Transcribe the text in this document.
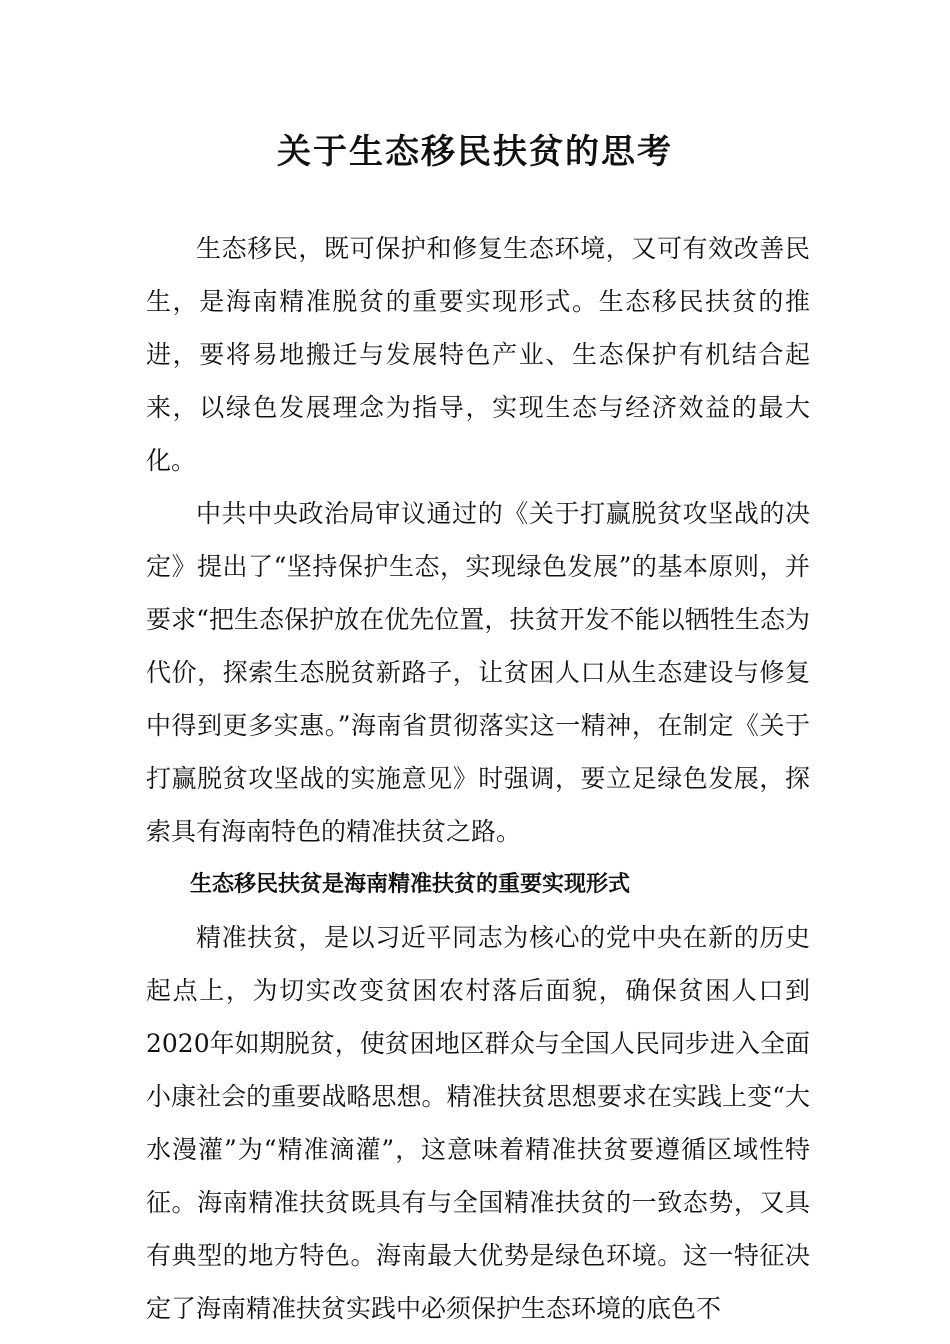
关于生态移民扶贫的思考

生态移民，既可保护和修复生态环境，又可有效改善民生，是海南精准脱贫的重要实现形式。生态移民扶贫的推进，要将易地搬迁与发展特色产业、生态保护有机结合起来，以绿色发展理念为指导，实现生态与经济效益的最大化。

中共中央政治局审议通过的《关于打赢脱贫攻坚战的决定》提出了“坚持保护生态，实现绿色发展”的基本原则，并要求“把生态保护放在优先位置，扶贫开发不能以牺牲生态为代价，探索生态脱贫新路子，让贫困人口从生态建设与修复中得到更多实惠。”海南省贯彻落实这一精神，在制定《关于打赢脱贫攻坚战的实施意见》时强调，要立足绿色发展，探索具有海南特色的精准扶贫之路。

生态移民扶贫是海南精准扶贫的重要实现形式

精准扶贫，是以习近平同志为核心的党中央在新的历史起点上，为切实改变贫困农村落后面貌，确保贫困人口到2020年如期脱贫，使贫困地区群众与全国人民同步进入全面小康社会的重要战略思想。精准扶贫思想要求在实践上变“大水漫灌”为“精准滴灌”，这意味着精准扶贫要遵循区域性特征。海南精准扶贫既具有与全国精准扶贫的一致态势，又具有典型的地方特色。海南最大优势是绿色环境。这一特征决定了海南精准扶贫实践中必须保护生态环境的底色不
